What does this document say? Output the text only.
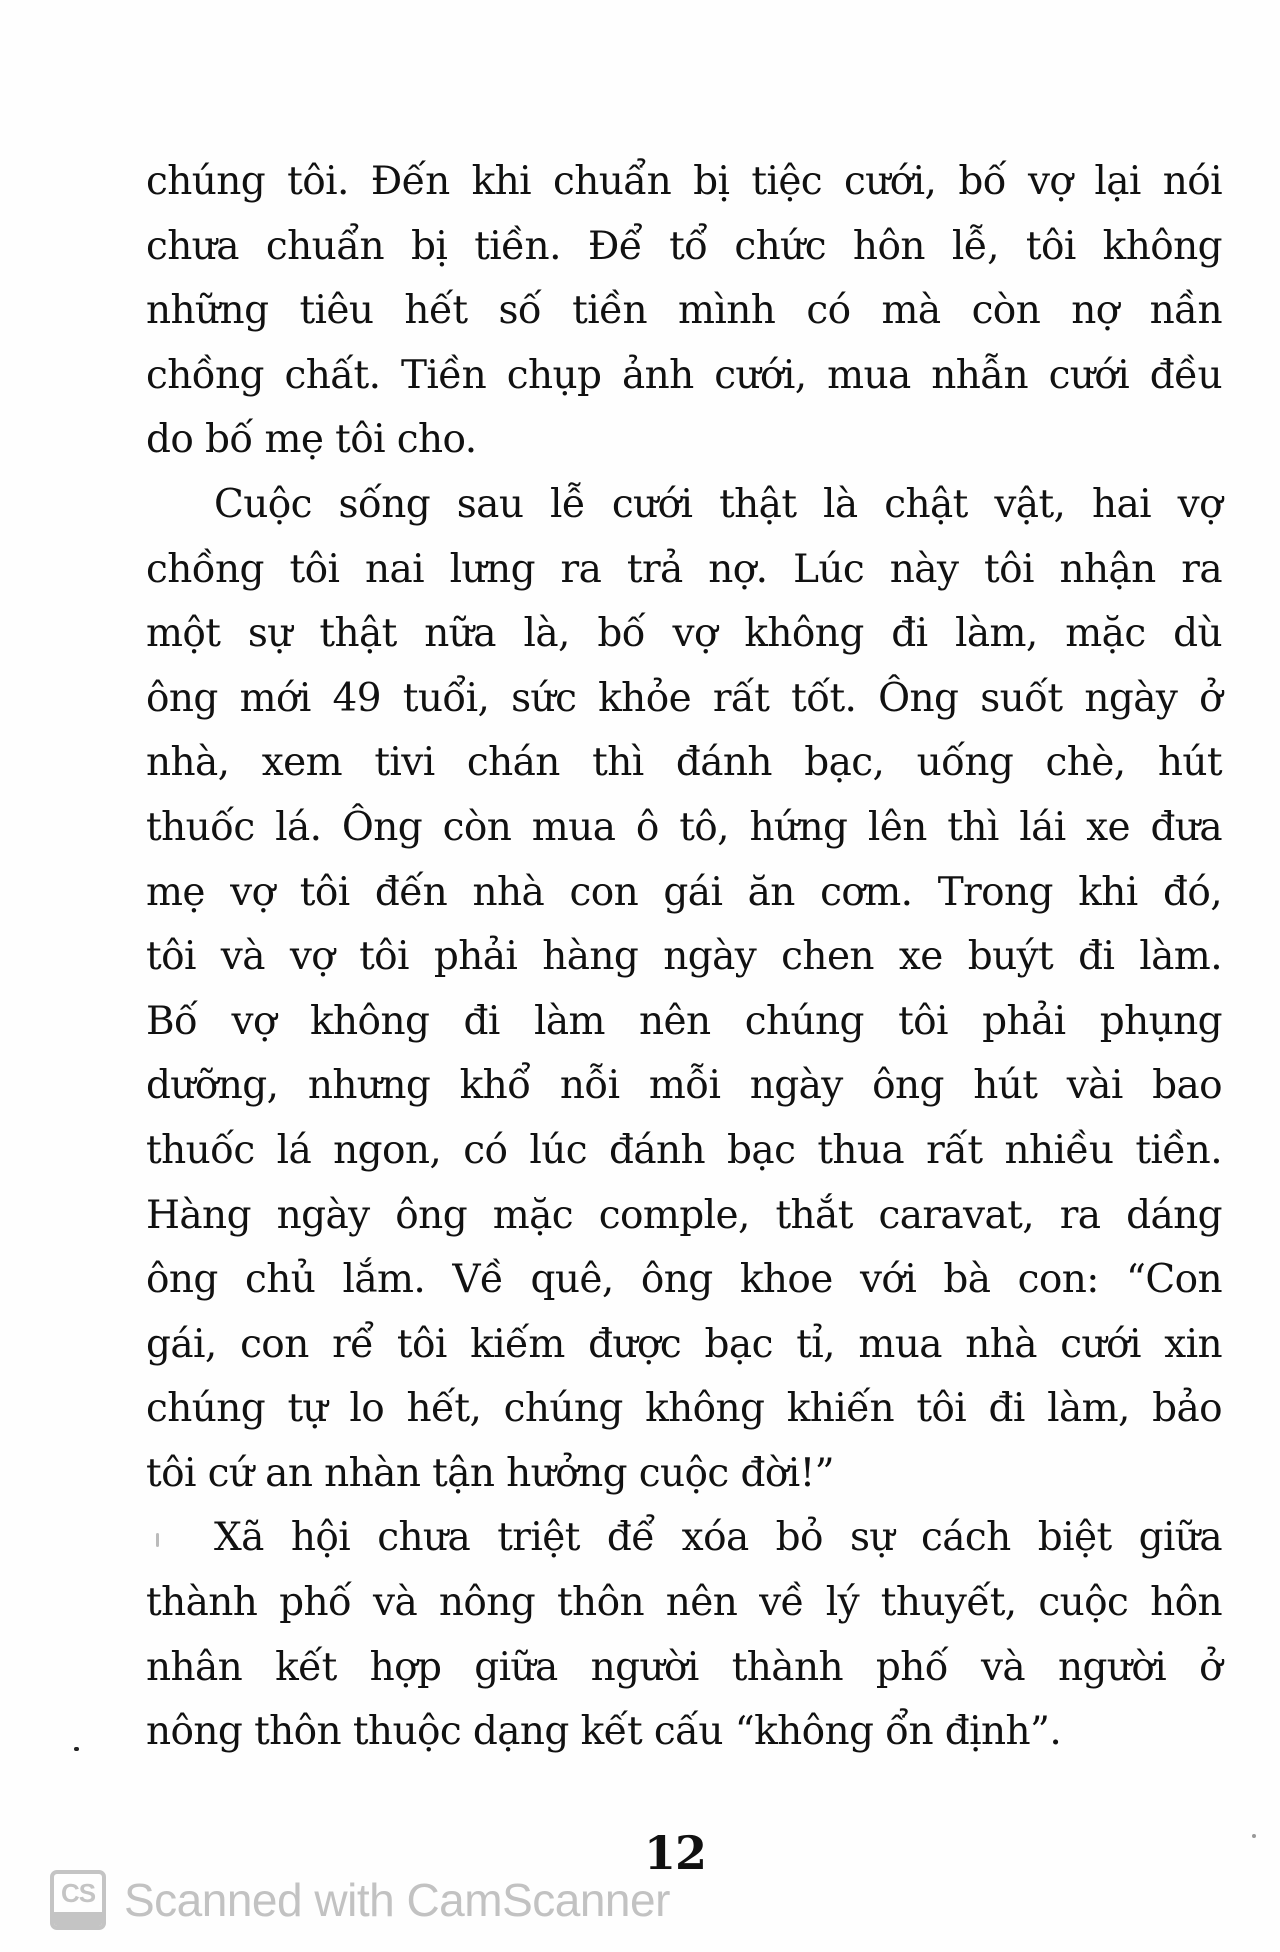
chúng tôi. Đến khi chuẩn bị tiệc cưới, bố vợ lại nói
chưa chuẩn bị tiền. Để tổ chức hôn lễ, tôi không
những tiêu hết số tiền mình có mà còn nợ nần
chồng chất. Tiền chụp ảnh cưới, mua nhẫn cưới đều
do bố mẹ tôi cho.
Cuộc sống sau lễ cưới thật là chật vật, hai vợ
chồng tôi nai lưng ra trả nợ. Lúc này tôi nhận ra
một sự thật nữa là, bố vợ không đi làm, mặc dù
ông mới 49 tuổi, sức khỏe rất tốt. Ông suốt ngày ở
nhà, xem tivi chán thì đánh bạc, uống chè, hút
thuốc lá. Ông còn mua ô tô, hứng lên thì lái xe đưa
mẹ vợ tôi đến nhà con gái ăn cơm. Trong khi đó,
tôi và vợ tôi phải hàng ngày chen xe buýt đi làm.
Bố vợ không đi làm nên chúng tôi phải phụng
dưỡng, nhưng khổ nỗi mỗi ngày ông hút vài bao
thuốc lá ngon, có lúc đánh bạc thua rất nhiều tiền.
Hàng ngày ông mặc comple, thắt caravat, ra dáng
ông chủ lắm. Về quê, ông khoe với bà con: “Con
gái, con rể tôi kiếm được bạc tỉ, mua nhà cưới xin
chúng tự lo hết, chúng không khiến tôi đi làm, bảo
tôi cứ an nhàn tận hưởng cuộc đời!”
Xã hội chưa triệt để xóa bỏ sự cách biệt giữa
thành phố và nông thôn nên về lý thuyết, cuộc hôn
nhân kết hợp giữa người thành phố và người ở
nông thôn thuộc dạng kết cấu “không ổn định”.
12
CS Scanned with CamScanner
